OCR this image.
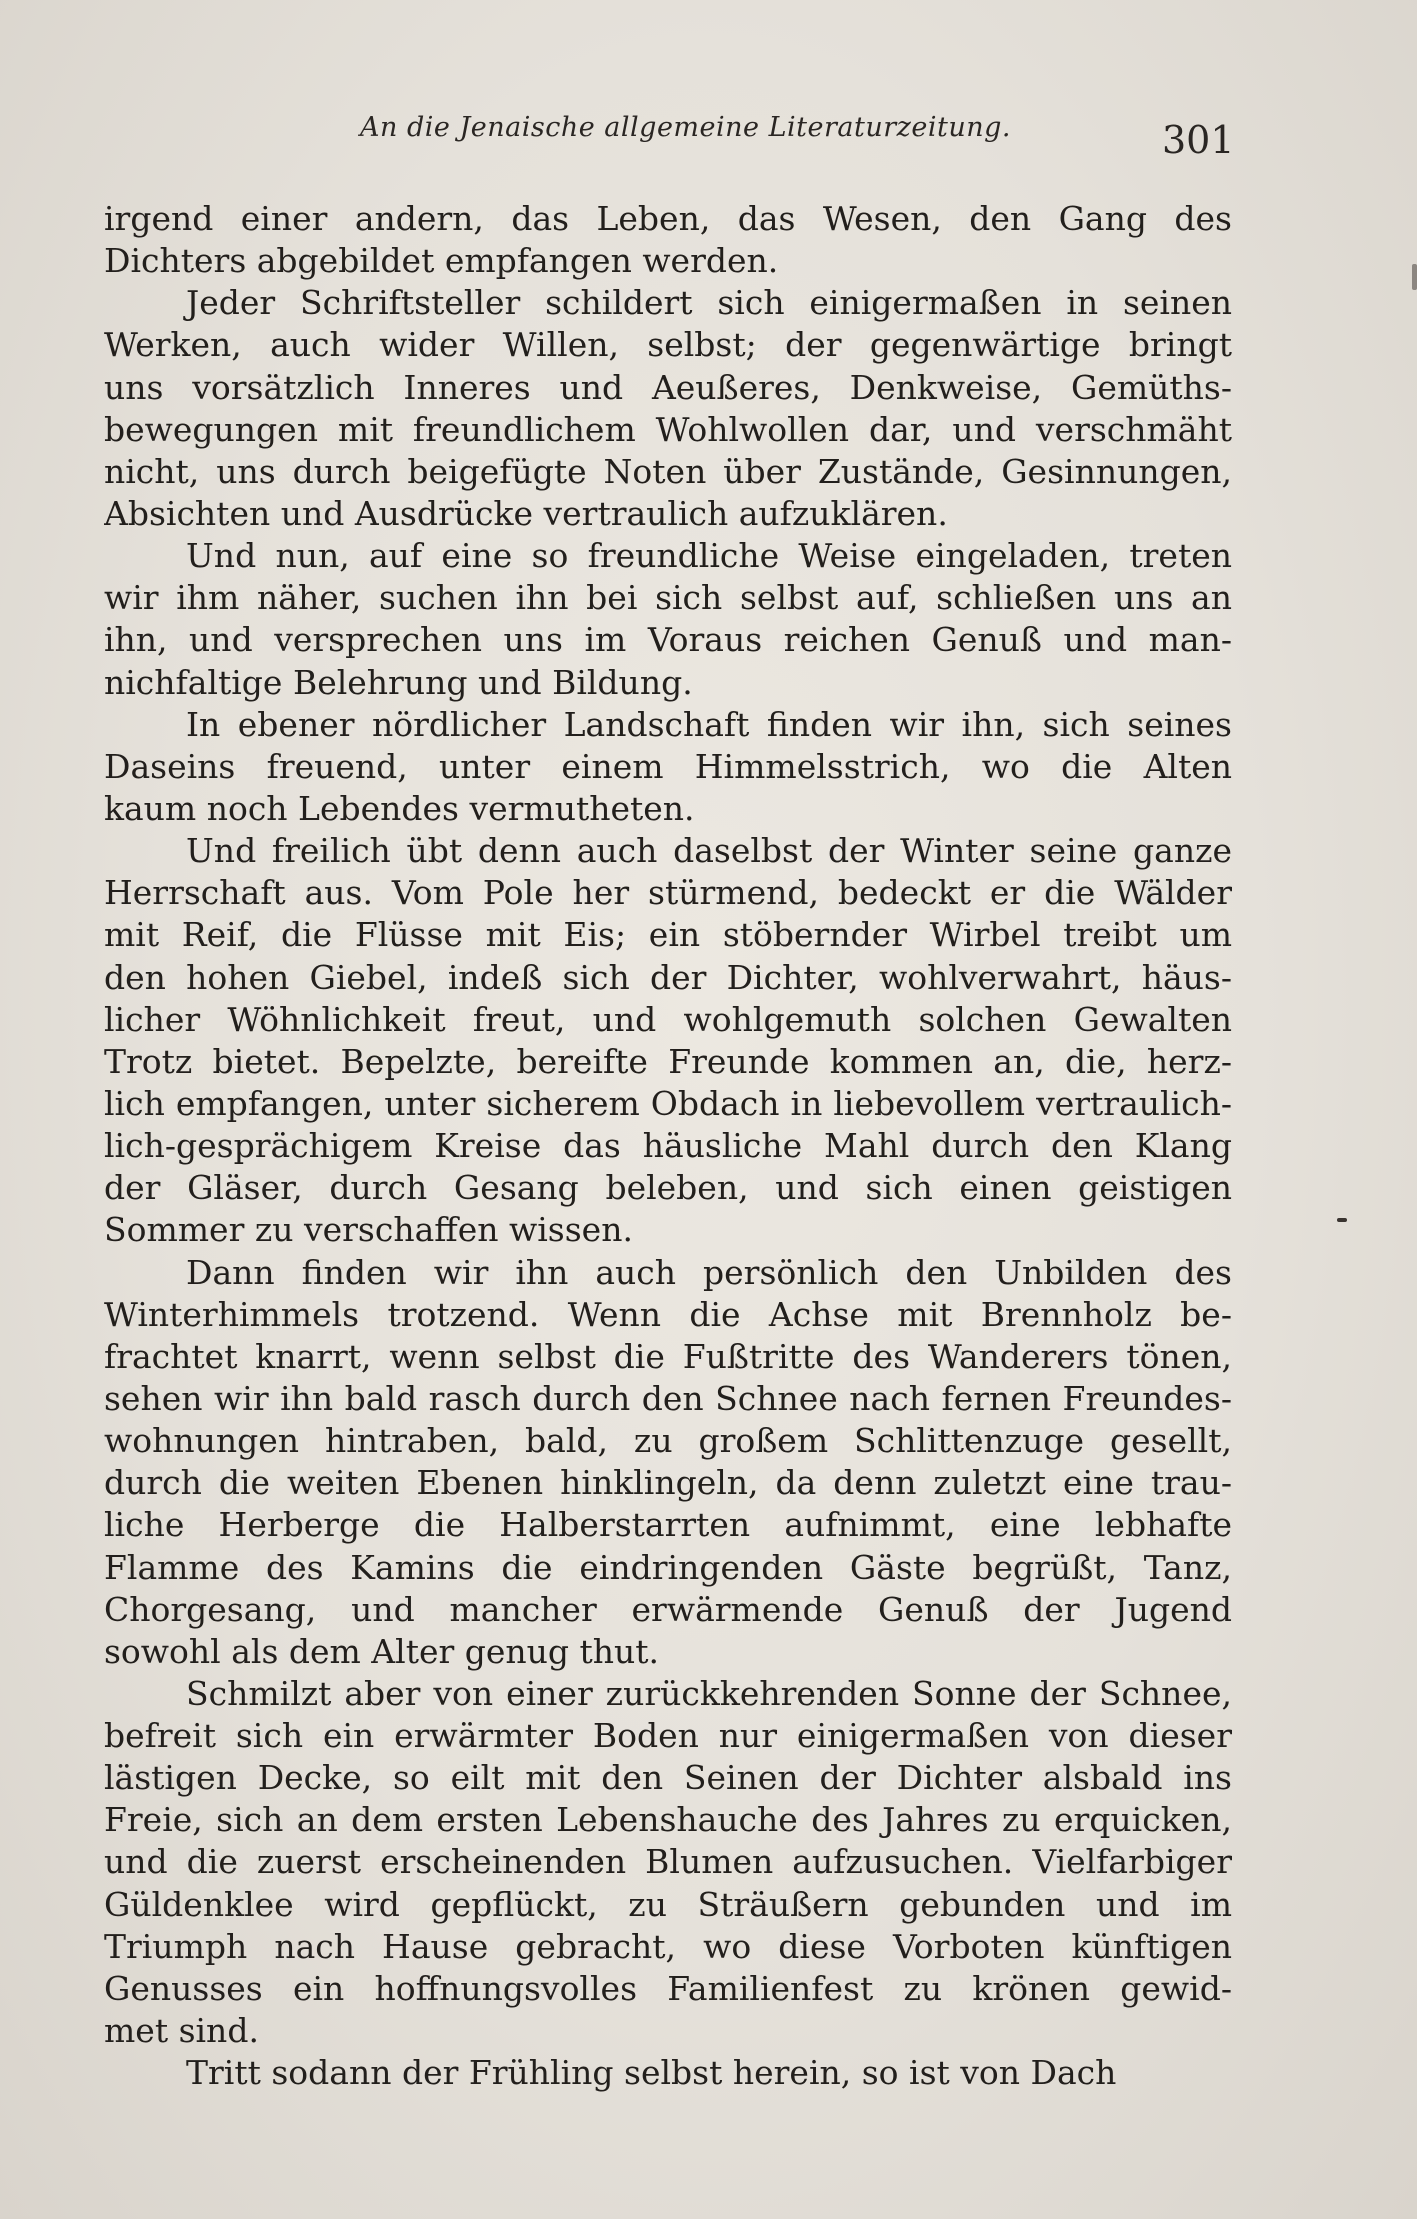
An die Jenaische allgemeine Literaturzeitung.	301
irgend einer andern, das Leben, das Wesen, den Gang des
Dichters abgebildet empfangen werden.
Jeder Schriftsteller schildert sich einigermaßen in seinen
Werken, auch wider Willen, selbst; der gegenwärtige bringt
uns vorsätzlich Inneres und Aeußeres, Denkweise, Gemüths-
bewegungen mit freundlichem Wohlwollen dar, und verschmäht
nicht, uns durch beigefügte Noten über Zustände, Gesinnungen,
Absichten und Ausdrücke vertraulich aufzuklären.
Und nun, auf eine so freundliche Weise eingeladen, treten
wir ihm näher, suchen ihn bei sich selbst auf, schließen uns an
ihn, und versprechen uns im Voraus reichen Genuß und man-
nichfaltige Belehrung und Bildung.
In ebener nördlicher Landschaft finden wir ihn, sich seines
Daseins freuend, unter einem Himmelsstrich, wo die Alten
kaum noch Lebendes vermutheten.
Und freilich übt denn auch daselbst der Winter seine ganze
Herrschaft aus. Vom Pole her stürmend, bedeckt er die Wälder
mit Reif, die Flüsse mit Eis; ein stöbernder Wirbel treibt um
den hohen Giebel, indeß sich der Dichter, wohlverwahrt, häus-
licher Wöhnlichkeit freut, und wohlgemuth solchen Gewalten
Trotz bietet. Bepelzte, bereifte Freunde kommen an, die, herz-
lich empfangen, unter sicherem Obdach in liebevollem vertraulich-
lich-gesprächigem Kreise das häusliche Mahl durch den Klang
der Gläser, durch Gesang beleben, und sich einen geistigen
Sommer zu verschaffen wissen.
Dann finden wir ihn auch persönlich den Unbilden des
Winterhimmels trotzend. Wenn die Achse mit Brennholz be-
frachtet knarrt, wenn selbst die Fußtritte des Wanderers tönen,
sehen wir ihn bald rasch durch den Schnee nach fernen Freundes-
wohnungen hintraben, bald, zu großem Schlittenzuge gesellt,
durch die weiten Ebenen hinklingeln, da denn zuletzt eine trau-
liche Herberge die Halberstarrten aufnimmt, eine lebhafte
Flamme des Kamins die eindringenden Gäste begrüßt, Tanz,
Chorgesang, und mancher erwärmende Genuß der Jugend
sowohl als dem Alter genug thut.
Schmilzt aber von einer zurückkehrenden Sonne der Schnee,
befreit sich ein erwärmter Boden nur einigermaßen von dieser
lästigen Decke, so eilt mit den Seinen der Dichter alsbald ins
Freie, sich an dem ersten Lebenshauche des Jahres zu erquicken,
und die zuerst erscheinenden Blumen aufzusuchen. Vielfarbiger
Güldenklee wird gepflückt, zu Sträußern gebunden und im
Triumph nach Hause gebracht, wo diese Vorboten künftigen
Genusses ein hoffnungsvolles Familienfest zu krönen gewid-
met sind.
Tritt sodann der Frühling selbst herein, so ist von Dach
